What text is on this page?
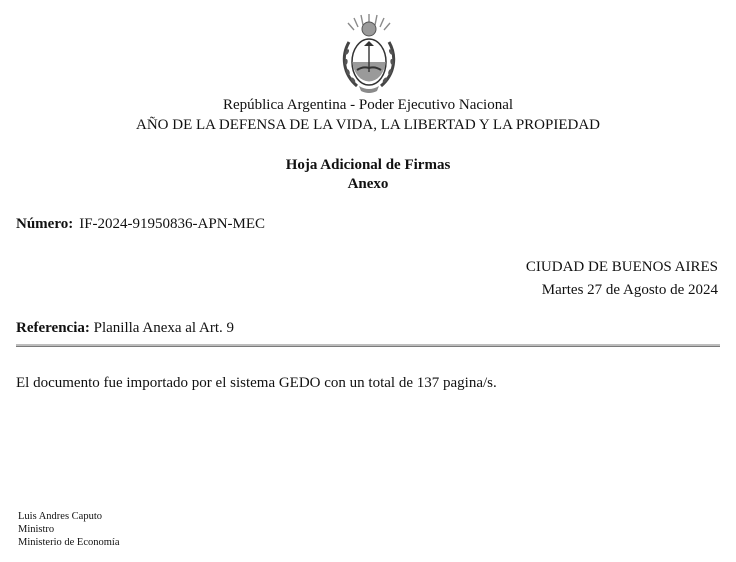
República Argentina - Poder Ejecutivo Nacional
AÑO DE LA DEFENSA DE LA VIDA, LA LIBERTAD Y LA PROPIEDAD
Hoja Adicional de Firmas
Anexo
Número: IF-2024-91950836-APN-MEC
CIUDAD DE BUENOS AIRES
Martes 27 de Agosto de 2024
Referencia: Planilla Anexa al Art. 9
El documento fue importado por el sistema GEDO con un total de 137 pagina/s.
Luis Andres Caputo
Ministro
Ministerio de Economía
